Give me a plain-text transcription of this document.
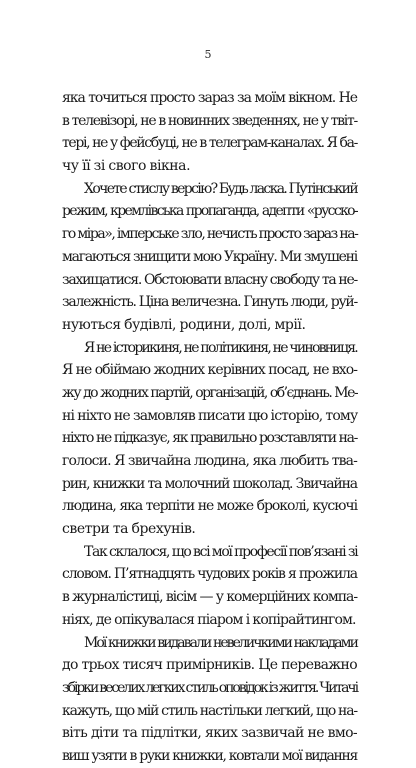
5
яка точиться просто зараз за моїм вікном. Не
в телевізорі, не в новинних зведеннях, не у твіт-
тері, не у фейсбуці, не в телеграм-каналах. Я ба-
чу її зі свого вікна.
Хочете стислу версію? Будь ласка. Путінський
режим, кремлівська пропаганда, адепти «русско-
го міра», імперське зло, нечисть просто зараз на-
магаються знищити мою Україну. Ми змушені
захищатися. Обстоювати власну свободу та не-
залежність. Ціна величезна. Гинуть люди, руй-
нуються будівлі, родини, долі, мрії.
Я не історикиня, не політикиня, не чиновниця.
Я не обіймаю жодних керівних посад, не вхо-
жу до жодних партій, організацій, об’єднань. Ме-
ні ніхто не замовляв писати цю історію, тому
ніхто не підказує, як правильно розставляти на-
голоси. Я звичайна людина, яка любить тва-
рин, книжки та молочний шоколад. Звичайна
людина, яка терпіти не може броколі, кусючі
светри та брехунів.
Так склалося, що всі мої професії пов’язані зі
словом. П’ятнадцять чудових років я прожила
в журналістиці, вісім — у комерційних компа-
ніях, де опікувалася піаром і копірайтингом.
Мої книжки видавали невеличкими накладами
до трьох тисяч примірників. Це переважно
збірки веселих легких стиль оповідок із життя. Читачі
кажуть, що мій стиль настільки легкий, що на-
віть діти та підлітки, яких зазвичай не вмо-
виш узяти в руки книжки, ковтали мої видання
